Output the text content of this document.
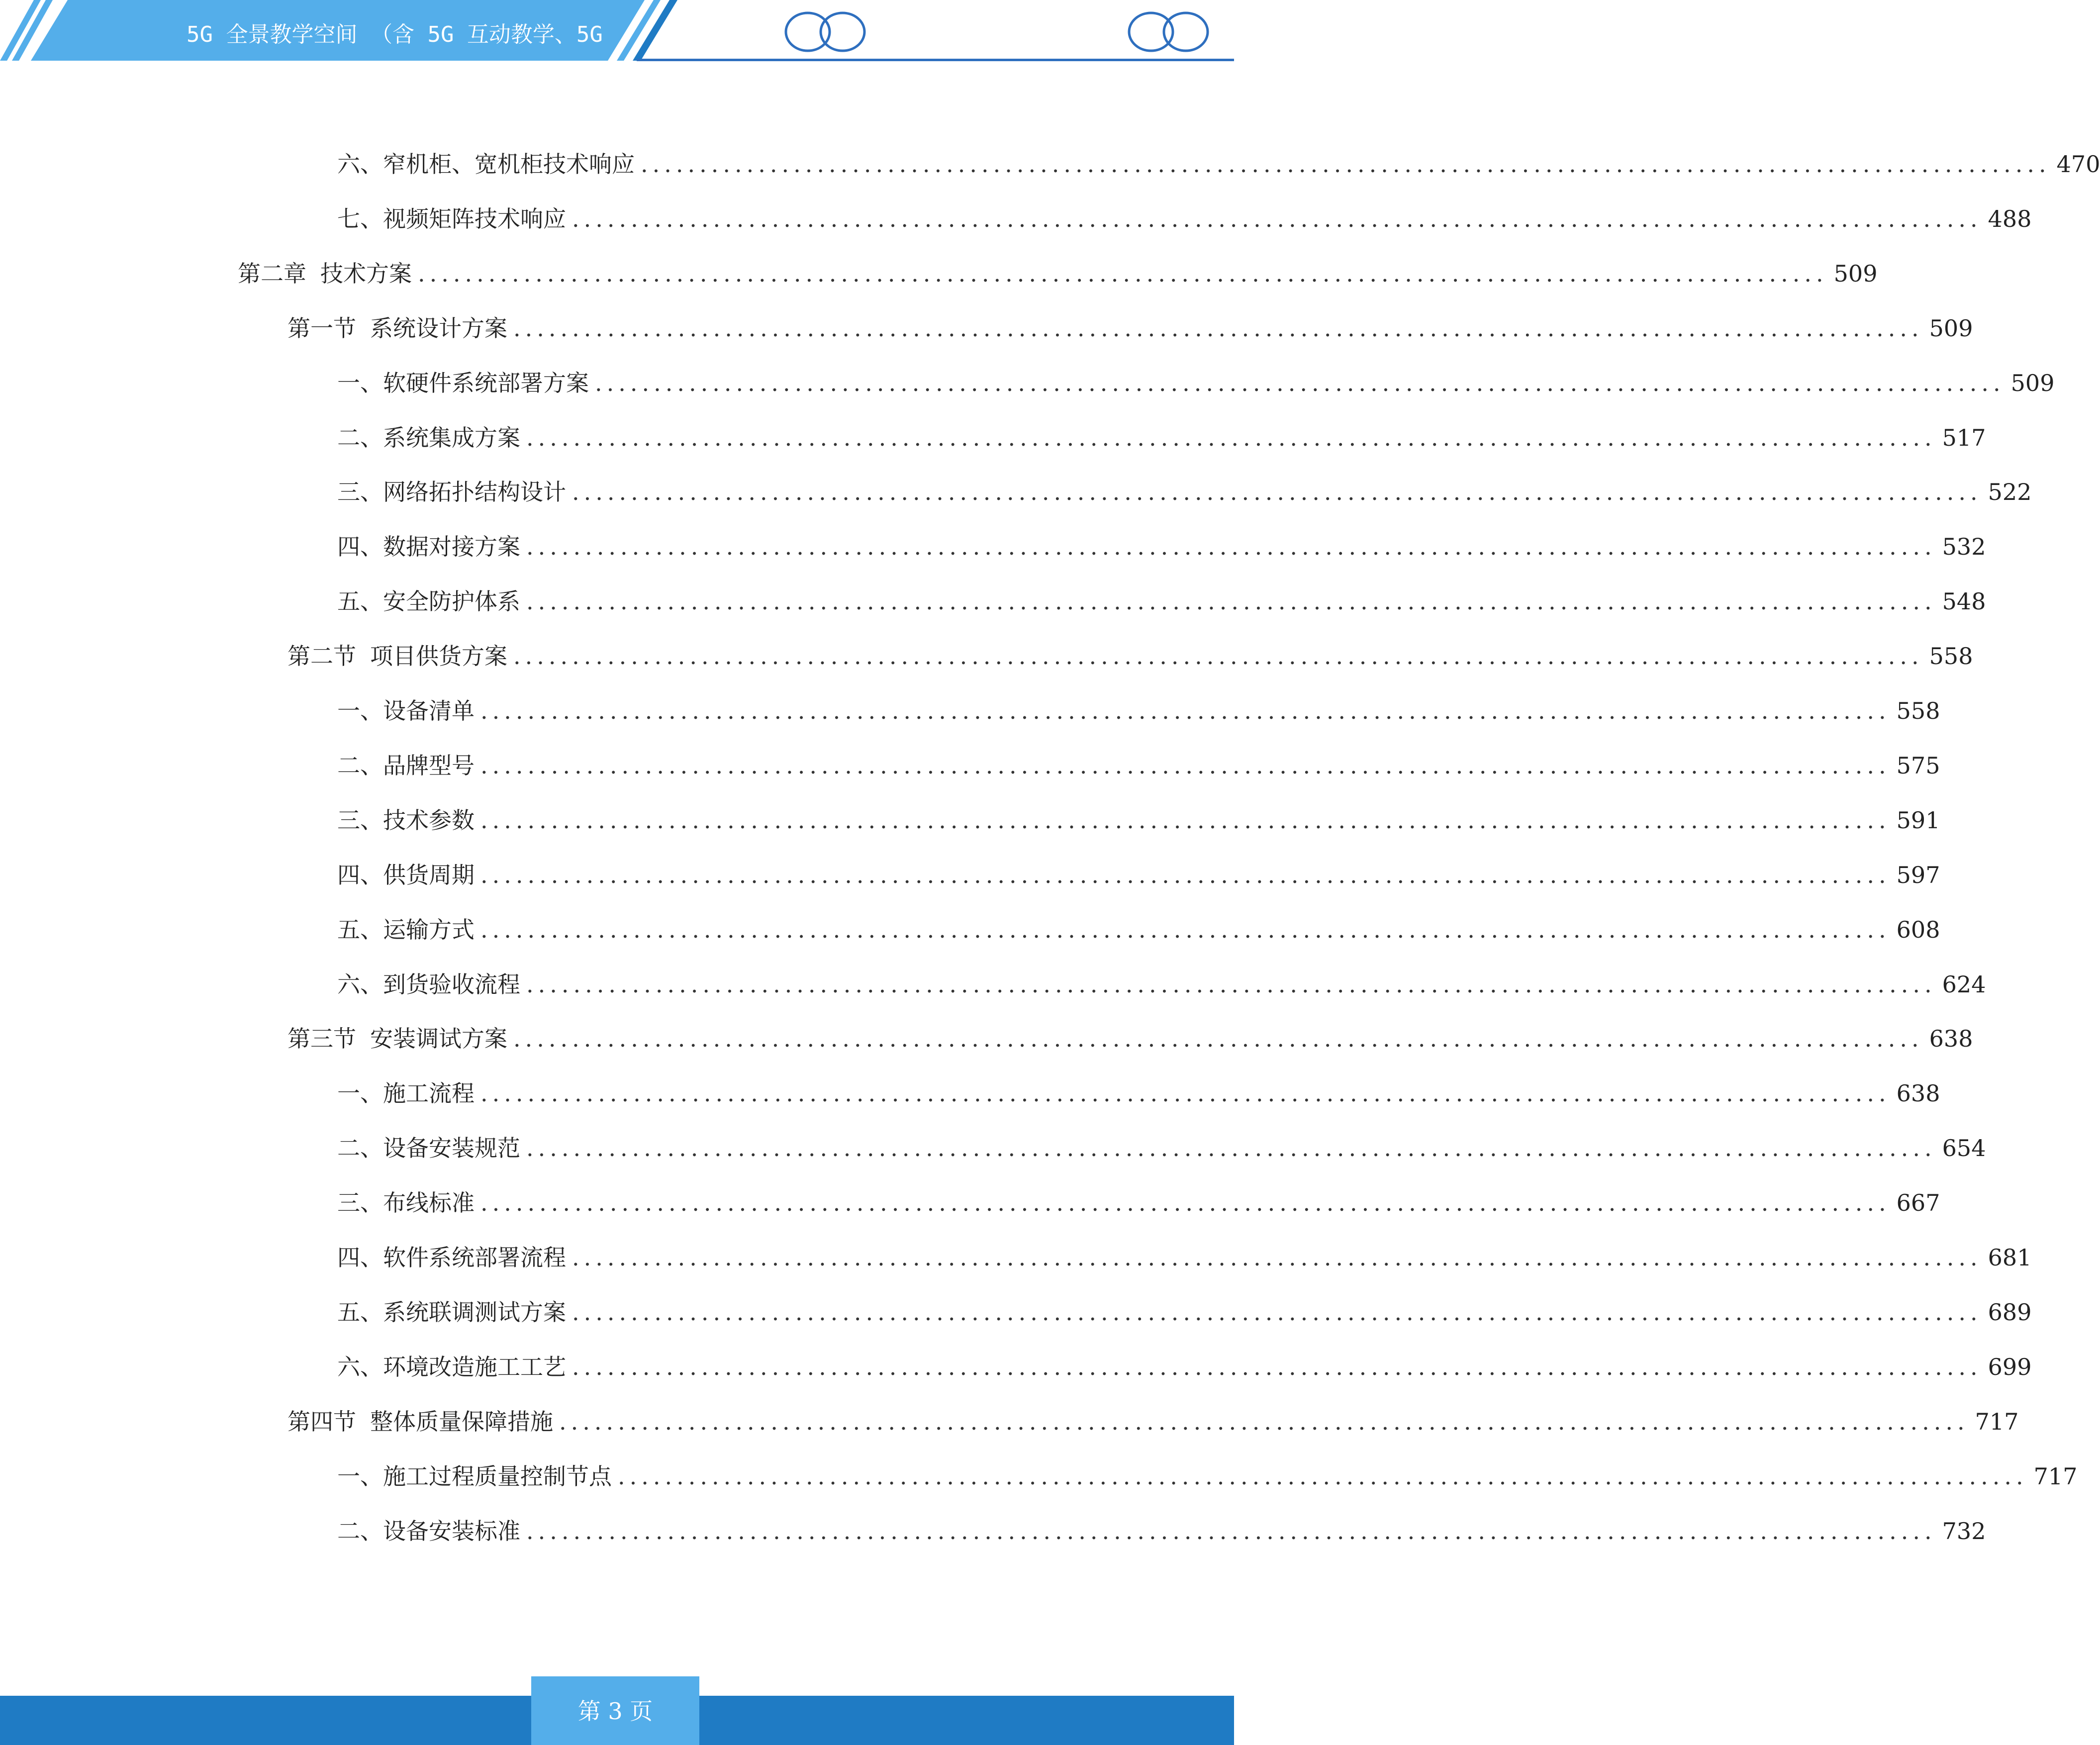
5G 全景教学空间 （含 5G 互动教学、5G
六、 窄机柜、宽机柜技术响应 ........................................................................................................................ 470
七、 视频矩阵技术响应 ........................................................................................................................ 488
第二章 技术方案 ........................................................................................................................ 509
第一节 系统设计方案 ........................................................................................................................ 509
一、 软硬件系统部署方案 ........................................................................................................................ 509
二、 系统集成方案 ........................................................................................................................ 517
三、 网络拓扑结构设计 ........................................................................................................................ 522
四、 数据对接方案 ........................................................................................................................ 532
五、 安全防护体系 ........................................................................................................................ 548
第二节 项目供货方案 ........................................................................................................................ 558
一、 设备清单 ........................................................................................................................ 558
二、 品牌型号 ........................................................................................................................ 575
三、 技术参数 ........................................................................................................................ 591
四、 供货周期 ........................................................................................................................ 597
五、 运输方式 ........................................................................................................................ 608
六、 到货验收流程 ........................................................................................................................ 624
第三节 安装调试方案 ........................................................................................................................ 638
一、 施工流程 ........................................................................................................................ 638
二、 设备安装规范 ........................................................................................................................ 654
三、 布线标准 ........................................................................................................................ 667
四、 软件系统部署流程 ........................................................................................................................ 681
五、 系统联调测试方案 ........................................................................................................................ 689
六、 环境改造施工工艺 ........................................................................................................................ 699
第四节 整体质量保障措施 ........................................................................................................................ 717
一、 施工过程质量控制节点 ........................................................................................................................ 717
二、 设备安装标准 ........................................................................................................................ 732
第 3 页
